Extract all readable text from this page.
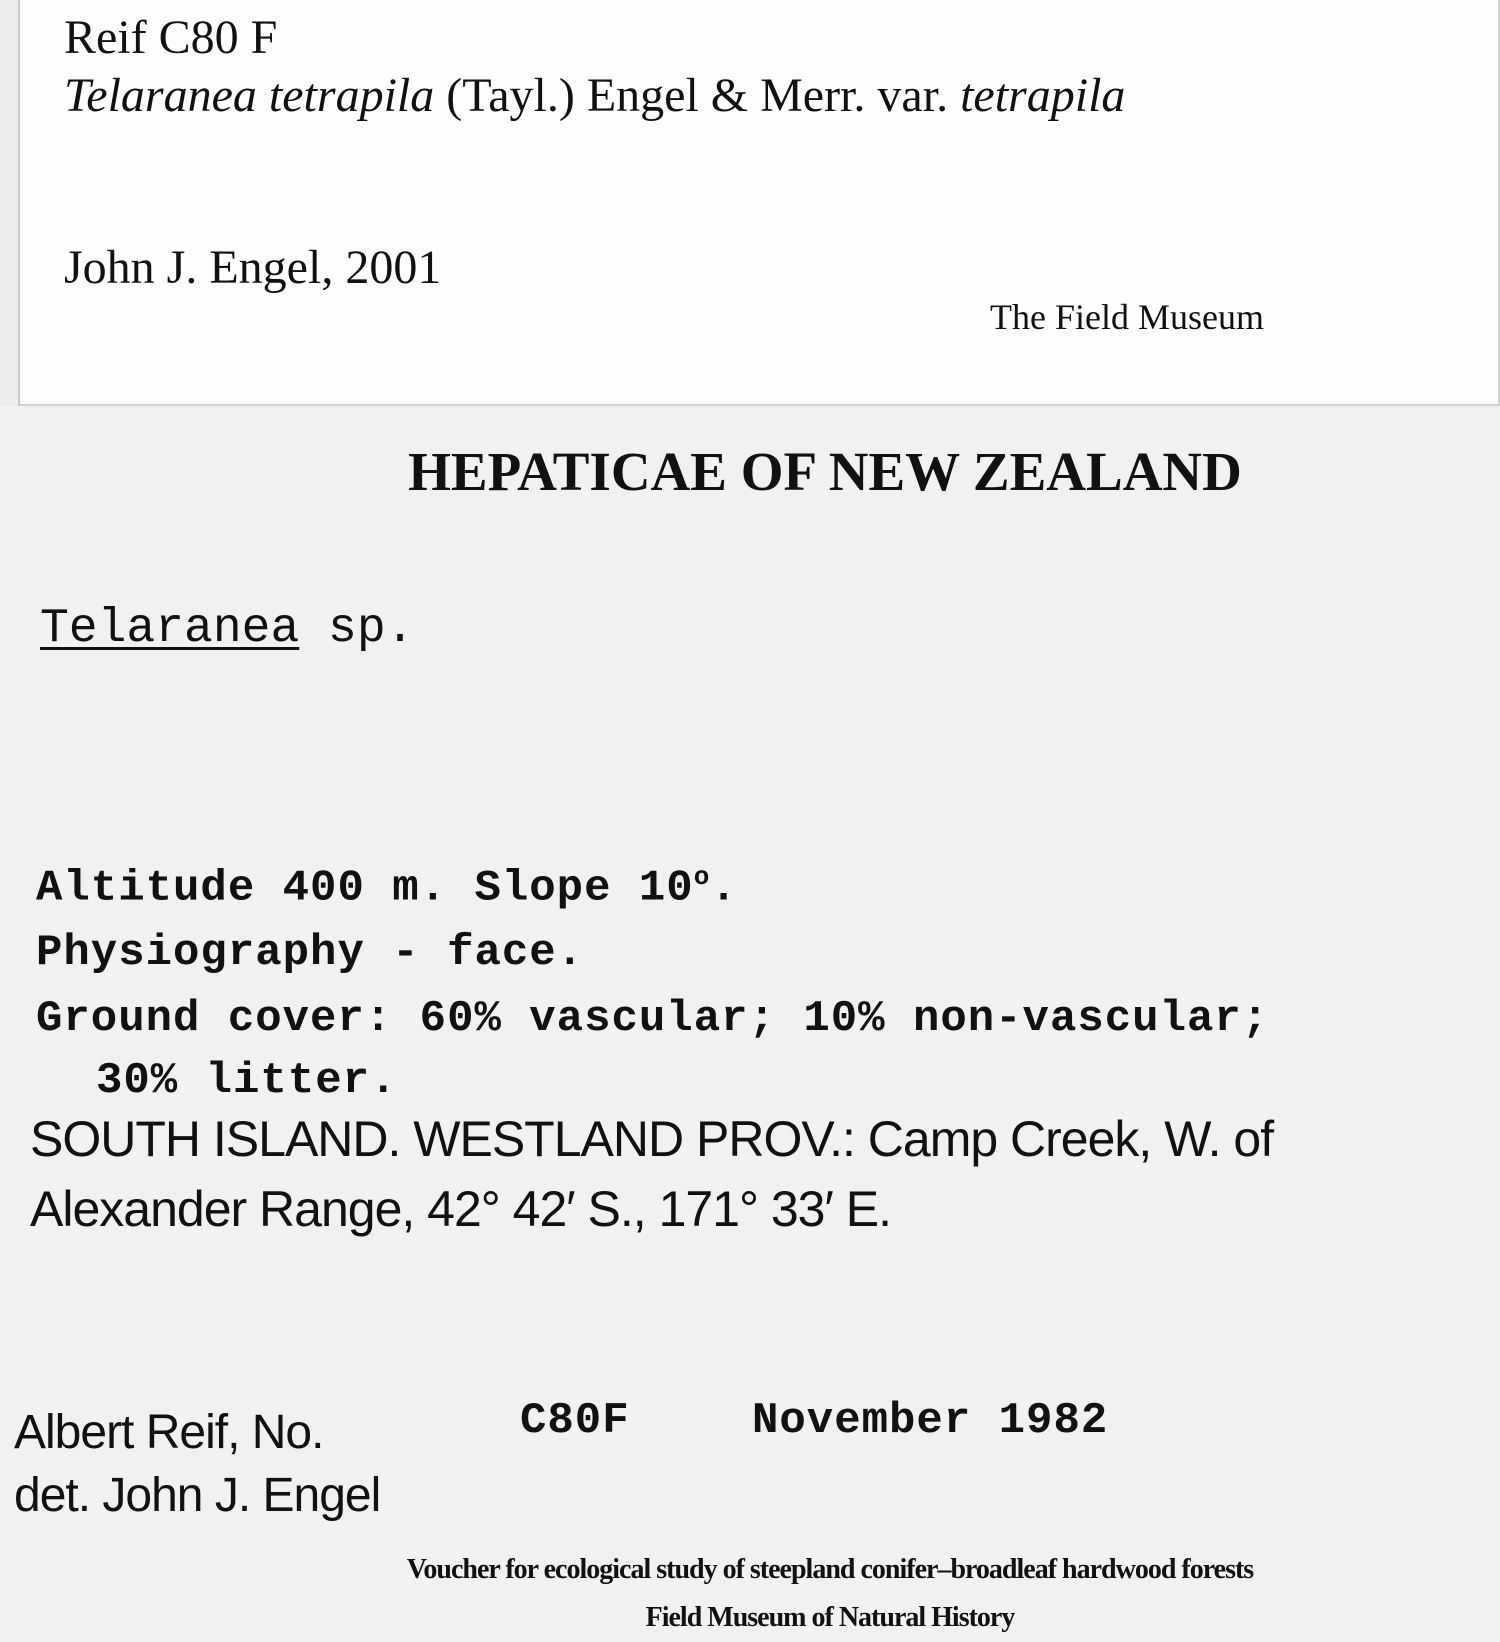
Reif C80 F

Telaranea tetrapila (Tayl.) Engel & Merr. var. tetrapila

John J. Engel, 2001

The Field Museum

HEPATICAE OF NEW ZEALAND

Telaranea sp.

Altitude 400 m. Slope 10$^o$.

Physiography - face.

Ground cover: 60% vascular; 10% non-vascular;

30% litter.

SOUTH ISLAND. WESTLAND PROV.: Camp Creek, W. of

Alexander Range, 42° 42′ S., 171° 33′ E.

Albert Reif, No.	C80F	November 1982

det. John J. Engel

Voucher for ecological study of steepland conifer–broadleaf hardwood forests

Field Museum of Natural History
